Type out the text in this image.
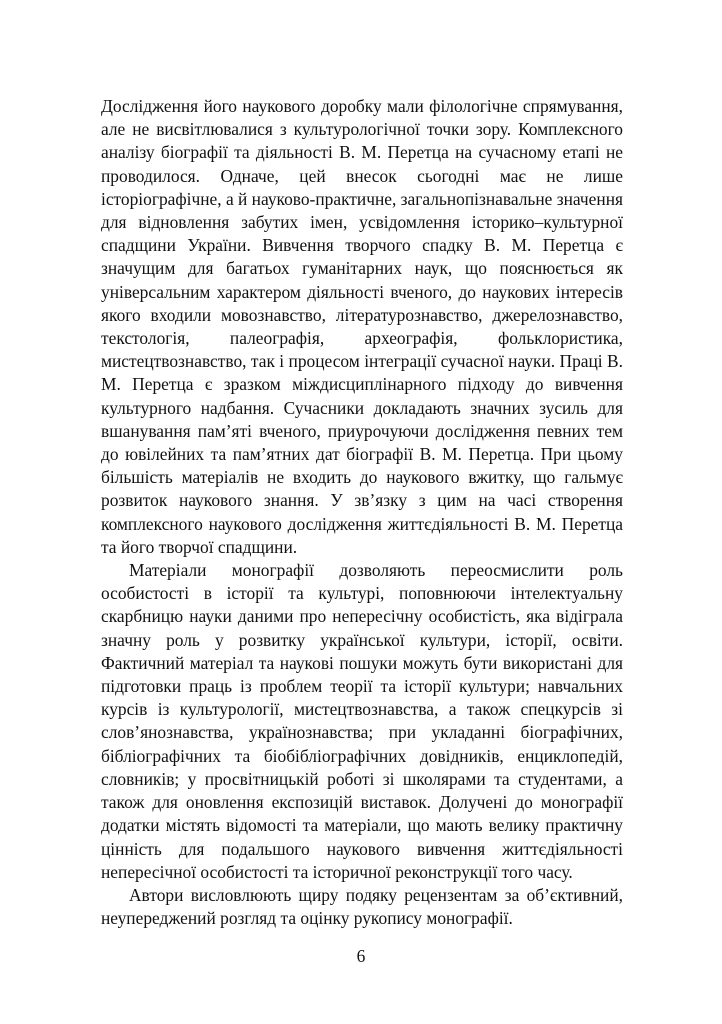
Дослідження його наукового доробку мали філологічне спрямування, але не висвітлювалися з культурологічної точки зору. Комплексного аналізу біографії та діяльності В. М. Перетца на сучасному етапі не проводилося. Одначе, цей внесок сьогодні має не лише історіографічне, а й науково-практичне, загальнопізнавальне значення для відновлення забутих імен, усвідомлення історико–культурної спадщини України. Вивчення творчого спадку В. М. Перетца є значущим для багатьох гуманітарних наук, що пояснюється як універсальним характером діяльності вченого, до наукових інтересів якого входили мовознавство, літературознавство, джерелознавство, текстологія, палеографія, археографія, фольклористика, мистецтвознавство, так і процесом інтеграції сучасної науки. Праці В. М. Перетца є зразком міждисциплінарного підходу до вивчення культурного надбання. Сучасники докладають значних зусиль для вшанування пам’яті вченого, приурочуючи дослідження певних тем до ювілейних та пам’ятних дат біографії В. М. Перетца. При цьому більшість матеріалів не входить до наукового вжитку, що гальмує розвиток наукового знання. У зв’язку з цим на часі створення комплексного наукового дослідження життєдіяльності В. М. Перетца та його творчої спадщини.

Матеріали монографії дозволяють переосмислити роль особистості в історії та культурі, поповнюючи інтелектуальну скарбницю науки даними про непересічну особистість, яка відіграла значну роль у розвитку української культури, історії, освіти. Фактичний матеріал та наукові пошуки можуть бути використані для підготовки праць із проблем теорії та історії культури; навчальних курсів із культурології, мистецтвознавства, а також спецкурсів зі слов’янознавства, українознавства; при укладанні біографічних, бібліографічних та біобібліографічних довідників, енциклопедій, словників; у просвітницькій роботі зі школярами та студентами, а також для оновлення експозицій виставок. Долучені до монографії додатки містять відомості та матеріали, що мають велику практичну цінність для подальшого наукового вивчення життєдіяльності непересічної особистості та історичної реконструкції того часу.

Автори висловлюють щиру подяку рецензентам за об’єктивний, неупереджений розгляд та оцінку рукопису монографії.

6
